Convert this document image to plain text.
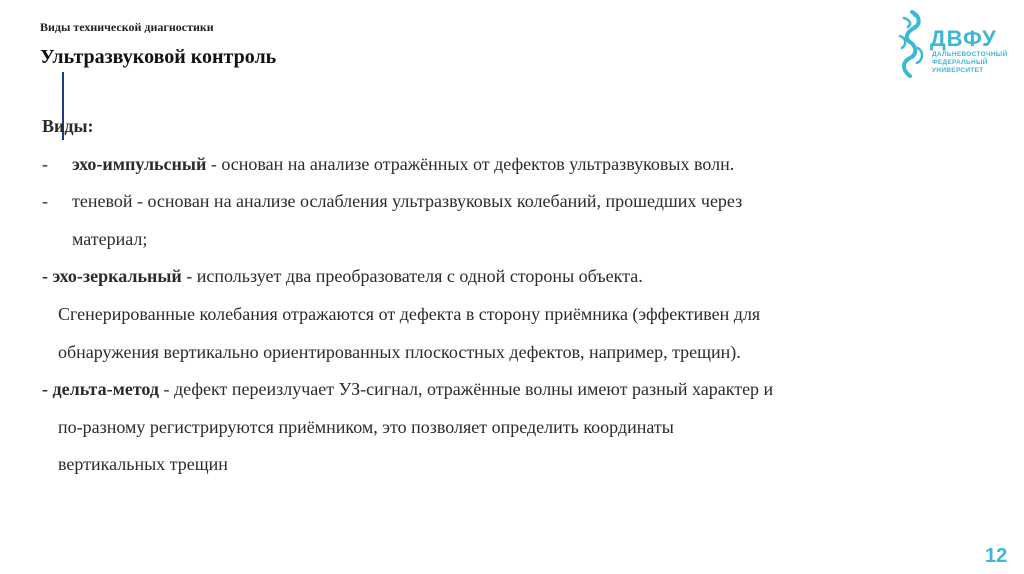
Виды технической диагностики
Ультразвуковой контроль
ДВФУ
ДАЛЬНЕВОСТОЧНЫЙ
ФЕДЕРАЛЬНЫЙ
УНИВЕРСИТЕТ
Виды:
- эхо-импульсный - основан на анализе отражённых от дефектов ультразвуковых волн.
- теневой - основан на анализе ослабления ультразвуковых колебаний, прошедших через
материал;
- эхо-зеркальный - использует два преобразователя с одной стороны объекта.
Сгенерированные колебания отражаются от дефекта в сторону приёмника (эффективен для
обнаружения вертикально ориентированных плоскостных дефектов, например, трещин).
- дельта-метод - дефект переизлучает УЗ-сигнал, отражённые волны имеют разный характер и
по-разному регистрируются приёмником, это позволяет определить координаты
вертикальных трещин
12
